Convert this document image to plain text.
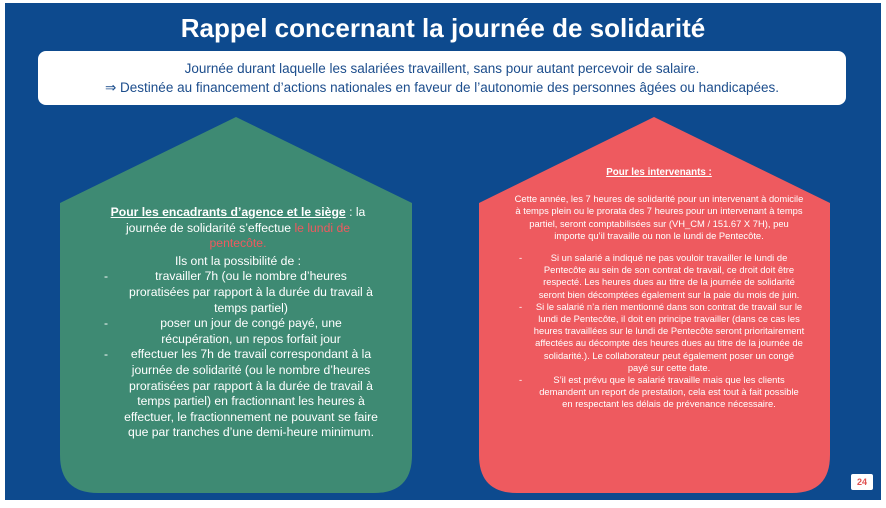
Rappel concernant la journée de solidarité
Journée durant laquelle les salariées travaillent, sans pour autant percevoir de salaire.
⇒ Destinée au financement d’actions nationales en faveur de l’autonomie des personnes âgées ou handicapées.
Pour les encadrants d’agence et le siège : la journée de solidarité s’effectue le lundi de pentecôte.
Ils ont la possibilité de :
- travailler 7h (ou le nombre d’heures proratisées par rapport à la durée du travail à temps partiel)
- poser un jour de congé payé, une récupération, un repos forfait jour
- effectuer les 7h de travail correspondant à la journée de solidarité (ou le nombre d’heures proratisées par rapport à la durée de travail à temps partiel) en fractionnant les heures à effectuer, le fractionnement ne pouvant se faire que par tranches d’une demi-heure minimum.
Pour les intervenants :
Cette année, les 7 heures de solidarité pour un intervenant à domicile à temps plein ou le prorata des 7 heures pour un intervenant à temps partiel, seront comptabilisées sur (VH_CM / 151.67 X 7H), peu importe qu’il travaille ou non le lundi de Pentecôte.
- Si un salarié a indiqué ne pas vouloir travailler le lundi de Pentecôte au sein de son contrat de travail, ce droit doit être respecté. Les heures dues au titre de la journée de solidarité seront bien décomptées également sur la paie du mois de juin.
- Si le salarié n’a rien mentionné dans son contrat de travail sur le lundi de Pentecôte, il doit en principe travailler (dans ce cas les heures travaillées sur le lundi de Pentecôte seront prioritairement affectées au décompte des heures dues au titre de la journée de solidarité.). Le collaborateur peut également poser un congé payé sur cette date.
- S’il est prévu que le salarié travaille mais que les clients demandent un report de prestation, cela est tout à fait possible en respectant les délais de prévenance nécessaire.
24
